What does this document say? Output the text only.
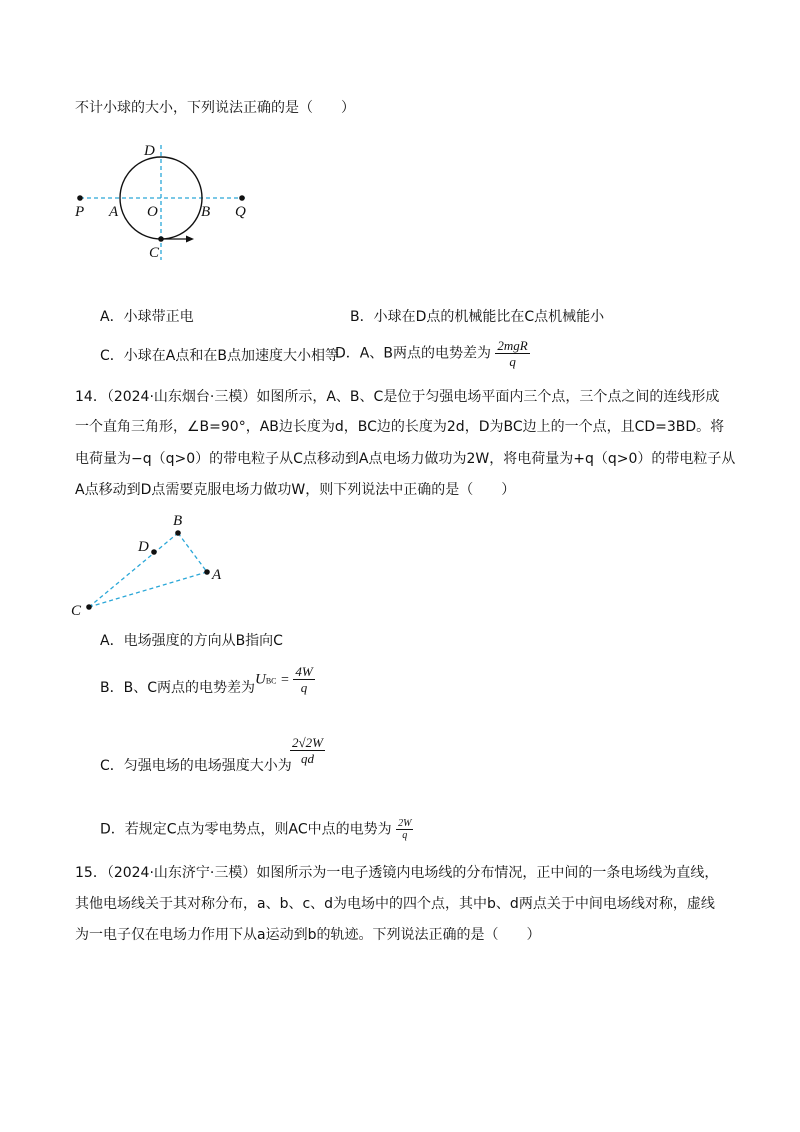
不计小球的大小，下列说法正确的是（　　）
D
P A O	B Q
C
A．小球带正电	B．小球在D点的机械能比在C点机械能小
C．小球在A点和在B点加速度大小相等
D．A、B两点的电势差为 $\frac{\text{2mgR}}{q}$
14．（2024·山东烟台·三模）如图所示，A、B、C是位于匀强电场平面内三个点，三个点之间的连线形成
一个直角三角形，∠B=90°，AB边长度为d，BC边的长度为2d，D为BC边上的一个点，且CD=3BD。将
电荷量为−q（q>0）的带电粒子从C点移动到A点电场力做功为2W，将电荷量为+q（q>0）的带电粒子从
A点移动到D点需要克服电场力做功W，则下列说法中正确的是（　　）
B
D
A
C
A．电场强度的方向从B指向C
B．B、C两点的电势差为
UBC = $\frac{4W}{q}$
C．匀强电场的电场强度大小为
$\frac{2√2W}{qd}$
D．若规定C点为零电势点，则AC中点的电势为 $\frac{2W}{q}$
15．（2024·山东济宁·三模）如图所示为一电子透镜内电场线的分布情况，正中间的一条电场线为直线，
其他电场线关于其对称分布，a、b、c、d为电场中的四个点，其中b、d两点关于中间电场线对称，虚线
为一电子仅在电场力作用下从a运动到b的轨迹。下列说法正确的是（　　）
